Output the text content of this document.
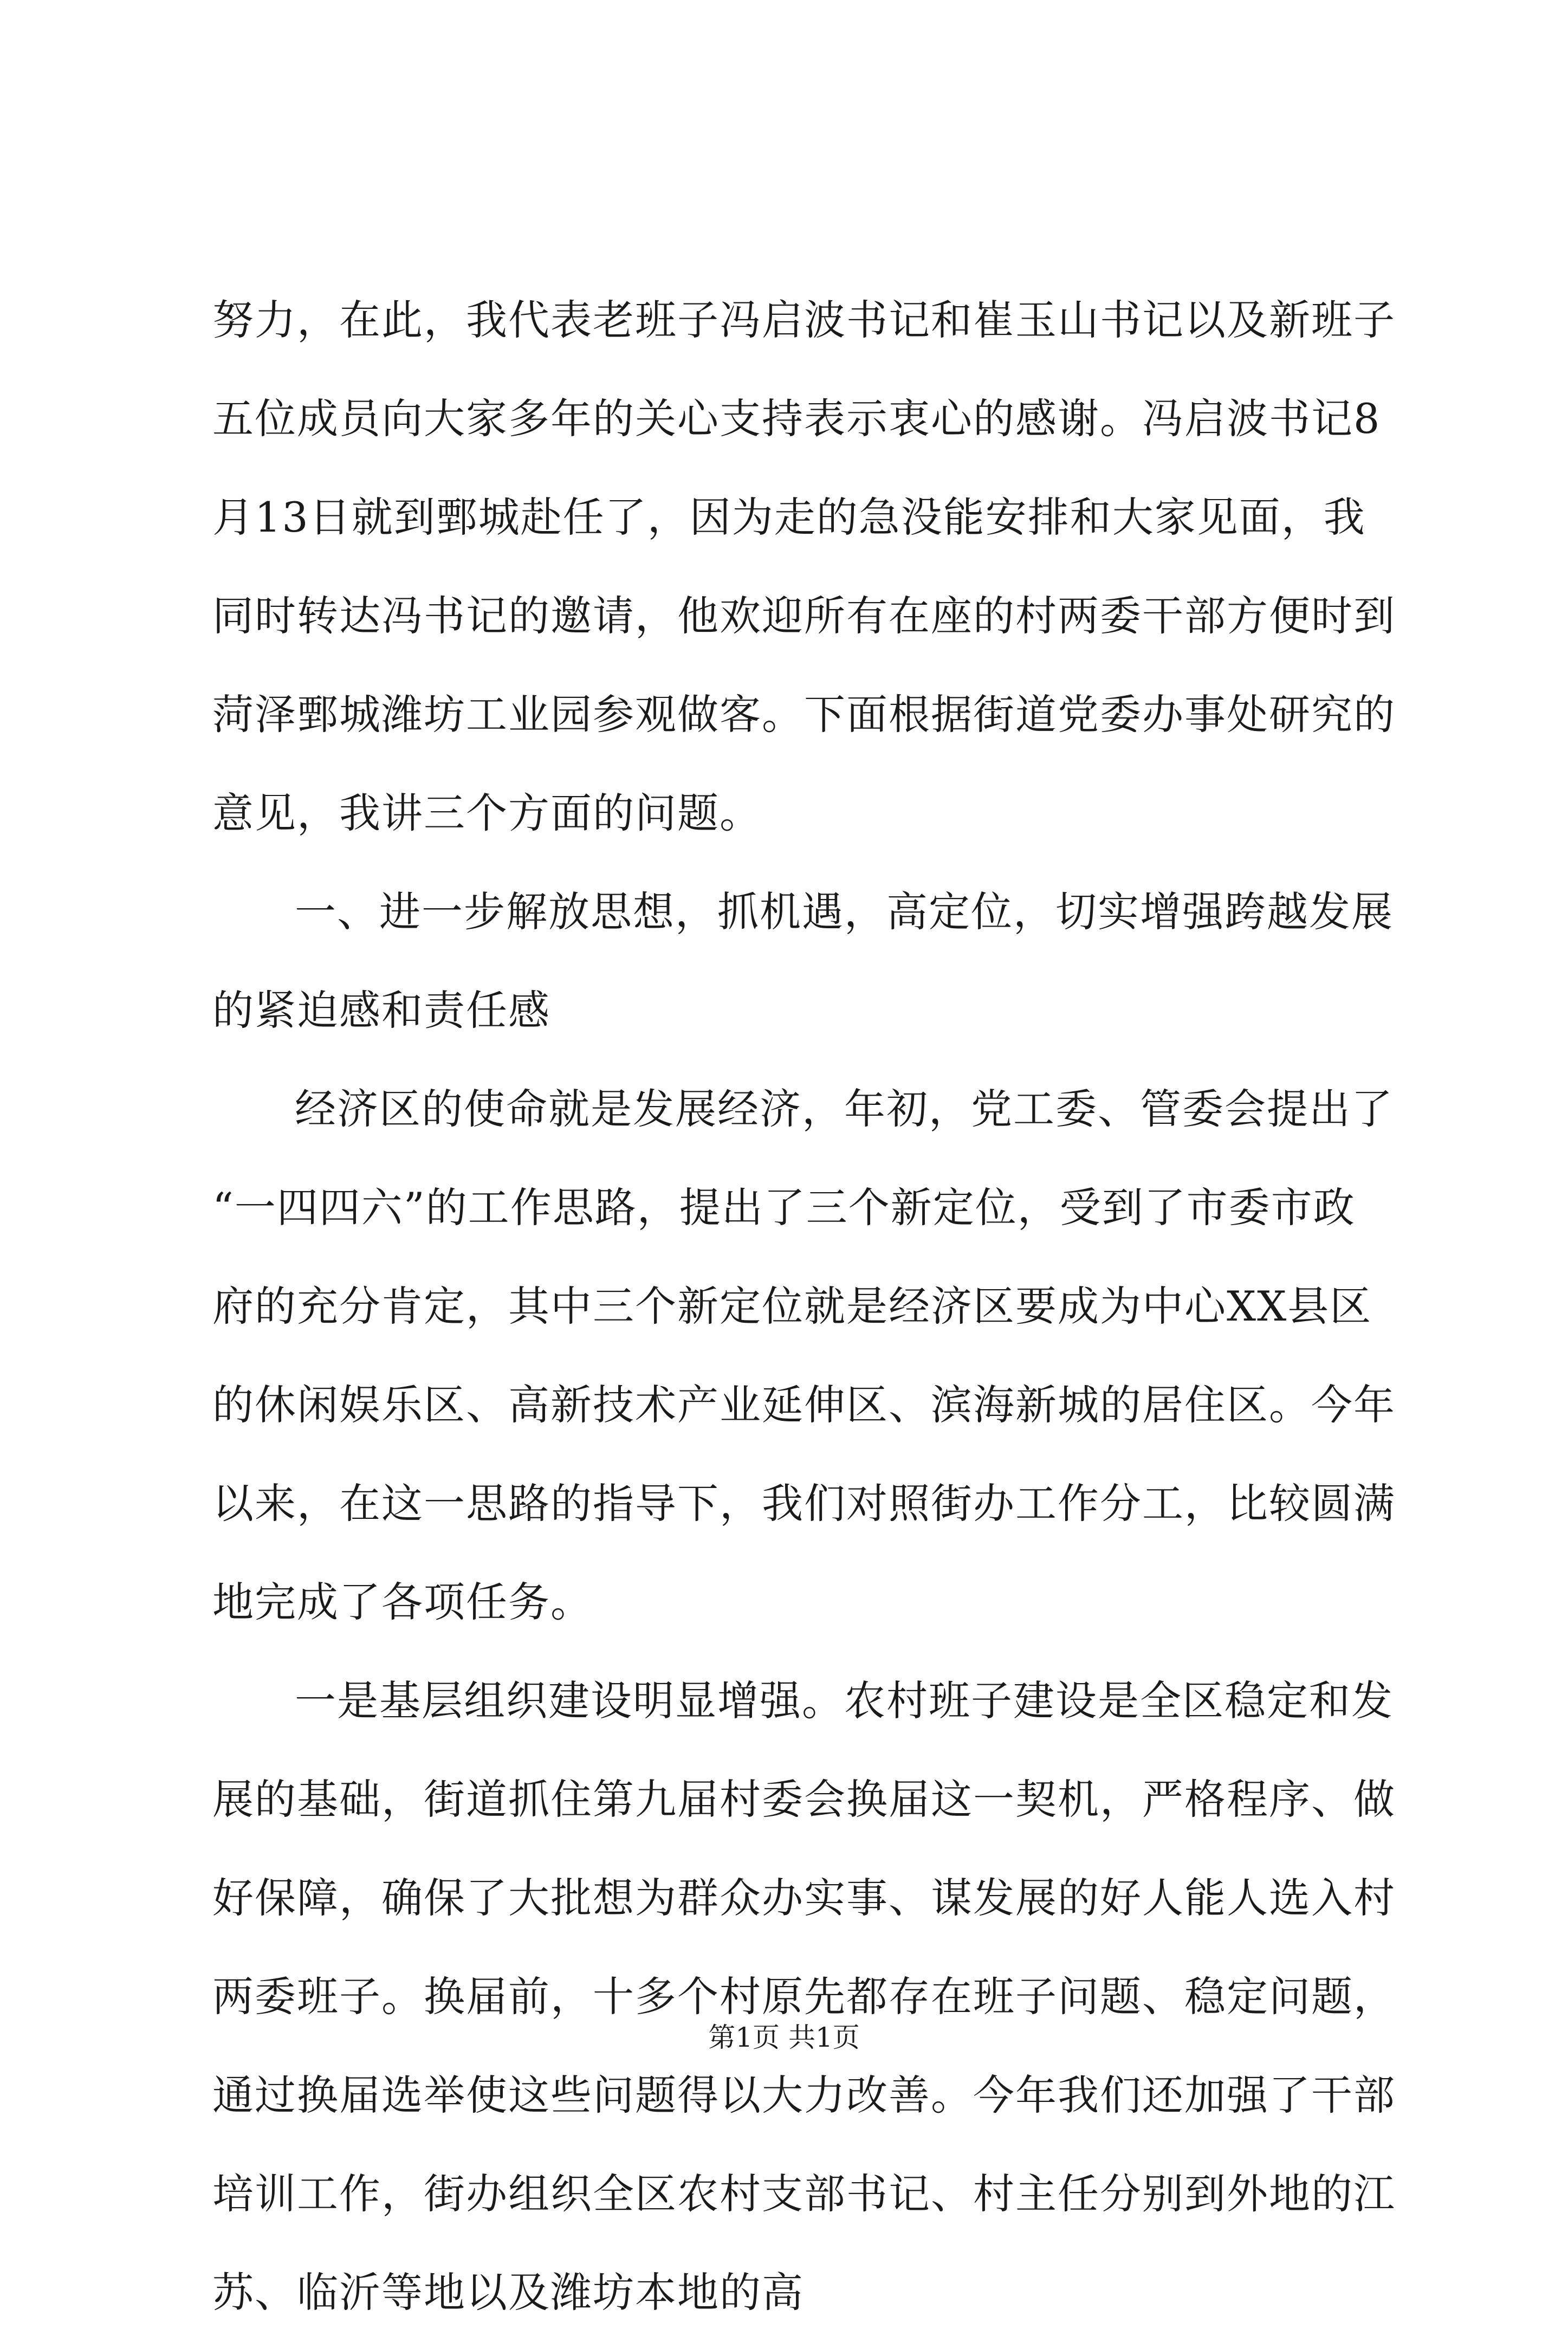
努力，在此，我代表老班子冯启波书记和崔玉山书记以及新班子
五位成员向大家多年的关心支持表示衷心的感谢。冯启波书记8
月13日就到鄄城赴任了，因为走的急没能安排和大家见面，我
同时转达冯书记的邀请，他欢迎所有在座的村两委干部方便时到
菏泽鄄城潍坊工业园参观做客。下面根据街道党委办事处研究的
意见，我讲三个方面的问题。
一、进一步解放思想，抓机遇，高定位，切实增强跨越发展
的紧迫感和责任感
经济区的使命就是发展经济，年初，党工委、管委会提出了
“一四四六”的工作思路，提出了三个新定位，受到了市委市政
府的充分肯定，其中三个新定位就是经济区要成为中心XX县区
的休闲娱乐区、高新技术产业延伸区、滨海新城的居住区。今年
以来，在这一思路的指导下，我们对照街办工作分工，比较圆满
地完成了各项任务。
一是基层组织建设明显增强。农村班子建设是全区稳定和发
展的基础，街道抓住第九届村委会换届这一契机，严格程序、做
好保障，确保了大批想为群众办实事、谋发展的好人能人选入村
两委班子。换届前，十多个村原先都存在班子问题、稳定问题，
通过换届选举使这些问题得以大力改善。今年我们还加强了干部
培训工作，街办组织全区农村支部书记、村主任分别到外地的江
苏、临沂等地以及潍坊本地的高
第1页 共1页
